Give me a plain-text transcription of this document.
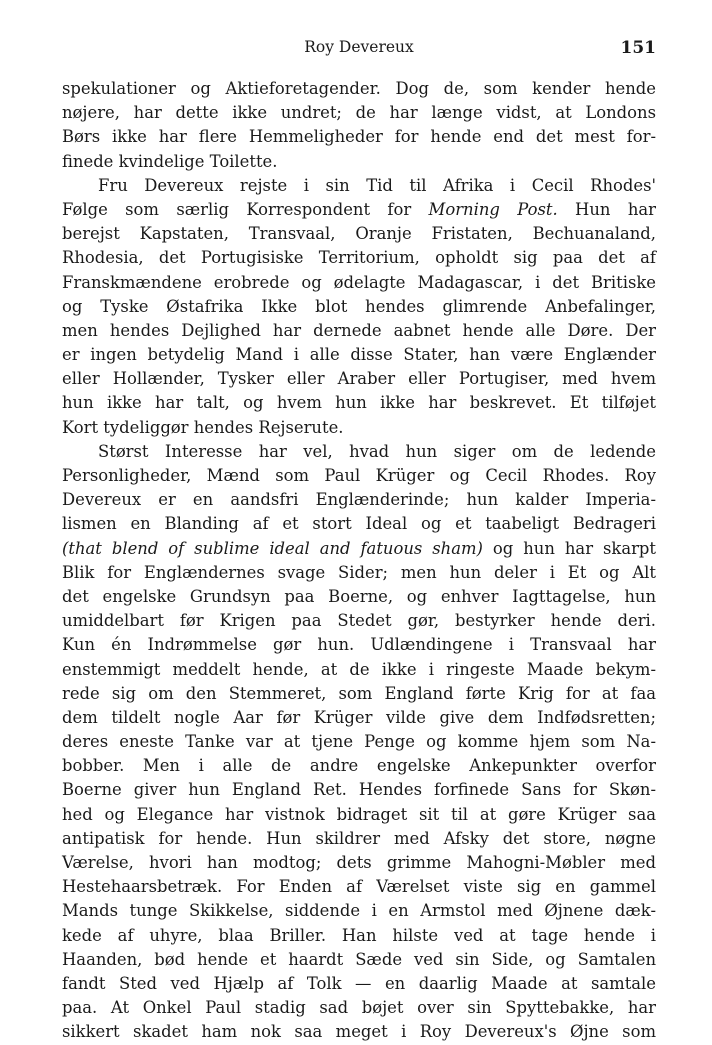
Roy Devereux	151
spekulationer og Aktieforetagender. Dog de, som kender hende
nøjere, har dette ikke undret; de har længe vidst, at Londons
Børs ikke har flere Hemmeligheder for hende end det mest for-
finede kvindelige Toilette.
Fru Devereux rejste i sin Tid til Afrika i Cecil Rhodes'
Følge som særlig Korrespondent for Morning Post. Hun har
berejst Kapstaten, Transvaal, Oranje Fristaten, Bechuanaland,
Rhodesia, det Portugisiske Territorium, opholdt sig paa det af
Franskmændene erobrede og ødelagte Madagascar, i det Britiske
og Tyske Østafrika Ikke blot hendes glimrende Anbefalinger,
men hendes Dejlighed har dernede aabnet hende alle Døre. Der
er ingen betydelig Mand i alle disse Stater, han være Englænder
eller Hollænder, Tysker eller Araber eller Portugiser, med hvem
hun ikke har talt, og hvem hun ikke har beskrevet. Et tilføjet
Kort tydeliggør hendes Rejserute.
Størst Interesse har vel, hvad hun siger om de ledende
Personligheder, Mænd som Paul Krüger og Cecil Rhodes. Roy
Devereux er en aandsfri Englænderinde; hun kalder Imperia-
lismen en Blanding af et stort Ideal og et taabeligt Bedrageri
(that blend of sublime ideal and fatuous sham) og hun har skarpt
Blik for Englændernes svage Sider; men hun deler i Et og Alt
det engelske Grundsyn paa Boerne, og enhver Iagttagelse, hun
umiddelbart før Krigen paa Stedet gør, bestyrker hende deri.
Kun én Indrømmelse gør hun. Udlændingene i Transvaal har
enstemmigt meddelt hende, at de ikke i ringeste Maade bekym-
rede sig om den Stemmeret, som England førte Krig for at faa
dem tildelt nogle Aar før Krüger vilde give dem Indfødsretten;
deres eneste Tanke var at tjene Penge og komme hjem som Na-
bobber. Men i alle de andre engelske Ankepunkter overfor
Boerne giver hun England Ret. Hendes forfinede Sans for Skøn-
hed og Elegance har vistnok bidraget sit til at gøre Krüger saa
antipatisk for hende. Hun skildrer med Afsky det store, nøgne
Værelse, hvori han modtog; dets grimme Mahogni-Møbler med
Hestehaarsbetræk. For Enden af Værelset viste sig en gammel
Mands tunge Skikkelse, siddende i en Armstol med Øjnene dæk-
kede af uhyre, blaa Briller. Han hilste ved at tage hende i
Haanden, bød hende et haardt Sæde ved sin Side, og Samtalen
fandt Sted ved Hjælp af Tolk — en daarlig Maade at samtale
paa. At Onkel Paul stadig sad bøjet over sin Spyttebakke, har
sikkert skadet ham nok saa meget i Roy Devereux's Øjne som
